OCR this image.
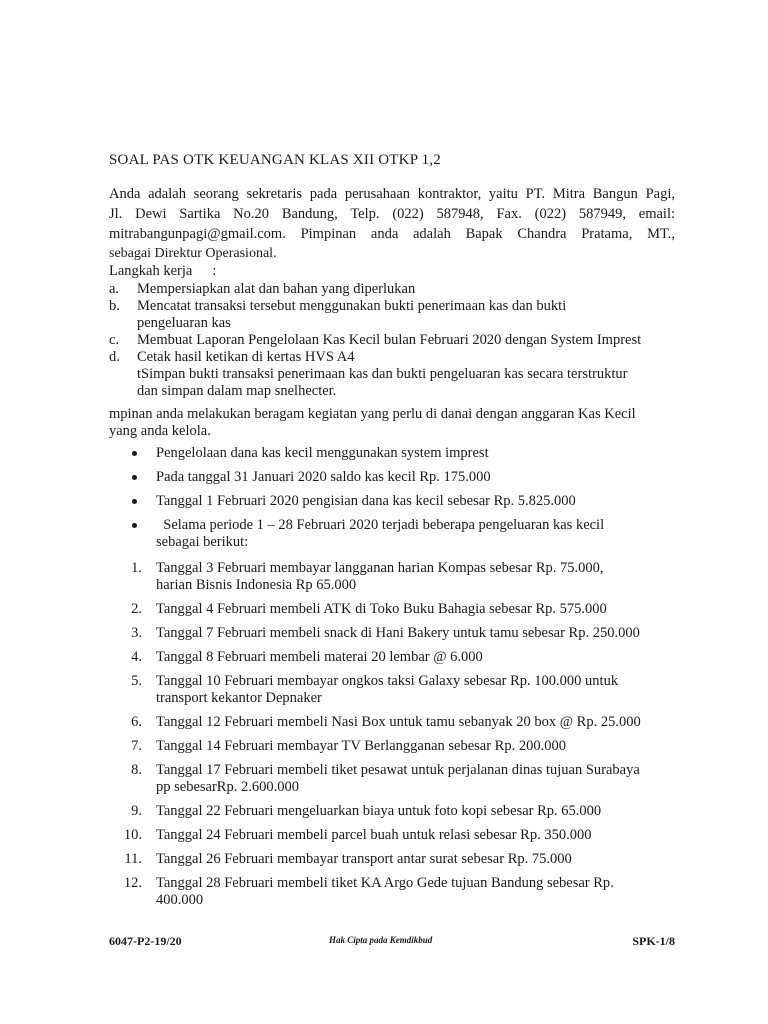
SOAL PAS OTK KEUANGAN KLAS XII OTKP 1,2
Anda adalah seorang sekretaris pada perusahaan kontraktor, yaitu PT. Mitra Bangun Pagi,
Jl. Dewi Sartika No.20 Bandung, Telp. (022) 587948, Fax. (022) 587949, email:
mitrabangunpagi@gmail.com. Pimpinan anda adalah Bapak Chandra Pratama, MT.,
sebagai Direktur Operasional.
Langkah kerja :
a. Mempersiapkan alat dan bahan yang diperlukan
b. Mencatat transaksi tersebut menggunakan bukti penerimaan kas dan bukti
pengeluaran kas
c. Membuat Laporan Pengelolaan Kas Kecil bulan Februari 2020 dengan System Imprest
d. Cetak hasil ketikan di kertas HVS A4
tSimpan bukti transaksi penerimaan kas dan bukti pengeluaran kas secara terstruktur
dan simpan dalam map snelhecter.

mpinan anda melakukan beragam kegiatan yang perlu di danai dengan anggaran Kas Kecil
yang anda kelola.

Pengelolaan dana kas kecil menggunakan system imprest
Pada tanggal 31 Januari 2020 saldo kas kecil Rp. 175.000
Tanggal 1 Februari 2020 pengisian dana kas kecil sebesar Rp. 5.825.000
Selama periode 1 – 28 Februari 2020 terjadi beberapa pengeluaran kas kecil
sebagai berikut:
1. Tanggal 3 Februari membayar langganan harian Kompas sebesar Rp. 75.000,
harian Bisnis Indonesia Rp 65.000
2. Tanggal 4 Februari membeli ATK di Toko Buku Bahagia sebesar Rp. 575.000
3. Tanggal 7 Februari membeli snack di Hani Bakery untuk tamu sebesar Rp. 250.000
4. Tanggal 8 Februari membeli materai 20 lembar @ 6.000
5. Tanggal 10 Februari membayar ongkos taksi Galaxy sebesar Rp. 100.000 untuk
transport kekantor Depnaker
6. Tanggal 12 Februari membeli Nasi Box untuk tamu sebanyak 20 box @ Rp. 25.000
7. Tanggal 14 Februari membayar TV Berlangganan sebesar Rp. 200.000
8. Tanggal 17 Februari membeli tiket pesawat untuk perjalanan dinas tujuan Surabaya
pp sebesarRp. 2.600.000
9. Tanggal 22 Februari mengeluarkan biaya untuk foto kopi sebesar Rp. 65.000
10. Tanggal 24 Februari membeli parcel buah untuk relasi sebesar Rp. 350.000
11. Tanggal 26 Februari membayar transport antar surat sebesar Rp. 75.000
12. Tanggal 28 Februari membeli tiket KA Argo Gede tujuan Bandung sebesar Rp.
400.000
6047-P2-19/20	Hak Cipta pada Kemdikbud	SPK-1/8
